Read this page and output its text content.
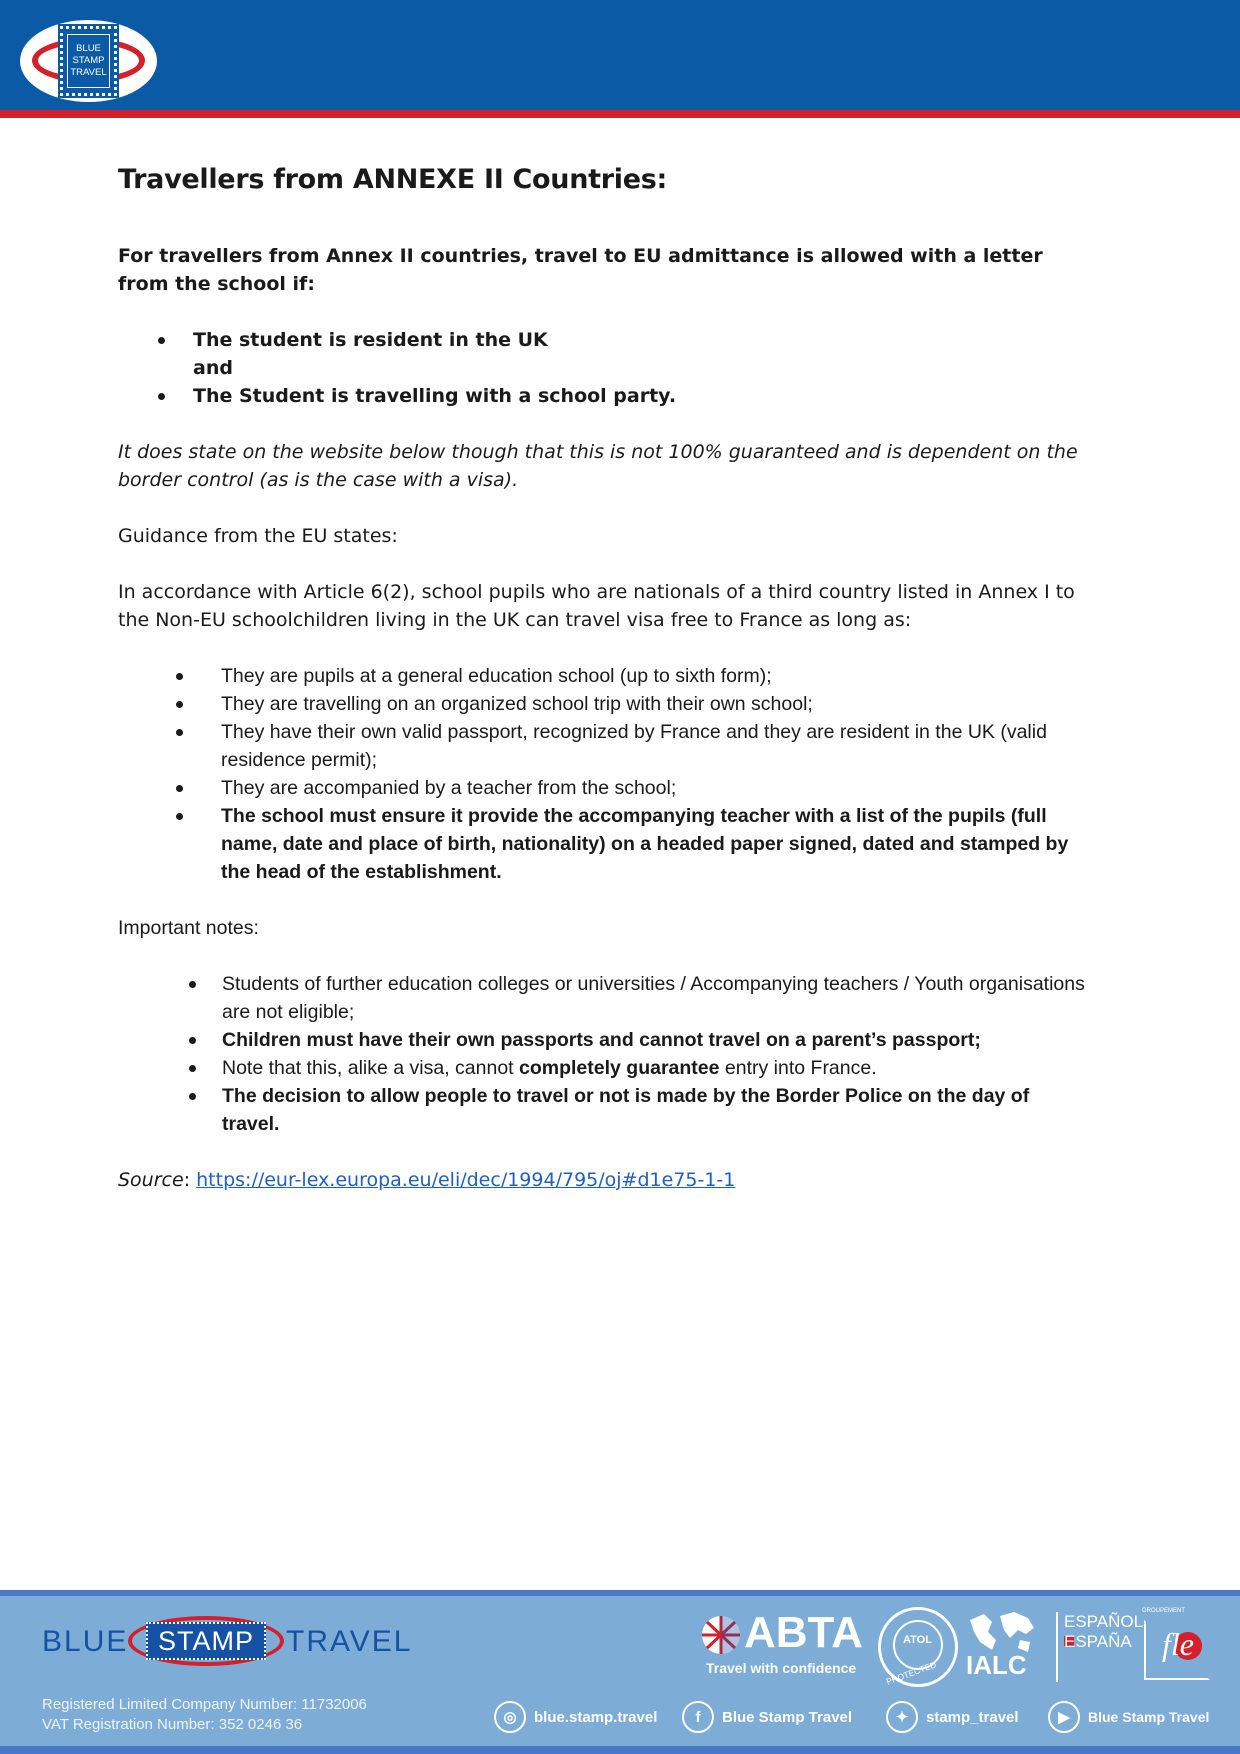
BLUE
STAMP
TRAVEL
Travellers from ANNEXE II Countries:

For travellers from Annex II countries, travel to EU admittance is allowed with a letter from the school if:

The student is resident in the UK
and
The Student is travelling with a school party.

It does state on the website below though that this is not 100% guaranteed and is dependent on the border control (as is the case with a visa).

Guidance from the EU states:

In accordance with Article 6(2), school pupils who are nationals of a third country listed in Annex I to the Non-EU schoolchildren living in the UK can travel visa free to France as long as:

They are pupils at a general education school (up to sixth form);
They are travelling on an organized school trip with their own school;
They have their own valid passport, recognized by France and they are resident in the UK (valid residence permit);
They are accompanied by a teacher from the school;
The school must ensure it provide the accompanying teacher with a list of the pupils (full name, date and place of birth, nationality) on a headed paper signed, dated and stamped by the head of the establishment.

Important notes:

Students of further education colleges or universities / Accompanying teachers / Youth organisations are not eligible;
Children must have their own passports and cannot travel on a parent’s passport;
Note that this, alike a visa, cannot completely guarantee entry into France.
The decision to allow people to travel or not is made by the Border Police on the day of travel.

Source: https://eur-lex.europa.eu/eli/dec/1994/795/oj#d1e75-1-1

BLUE STAMP TRAVEL
Registered Limited Company Number: 11732006
VAT Registration Number: 352 0246 36
ABTA
Travel with confidence
ATOL
PROTECTED IALC
ESPAÑOL
ESPAÑA
GROUPEMENT
fle
◎	blue.stamp.travel	f	Blue Stamp Travel	✦	stamp_travel	▶	Blue Stamp Travel
